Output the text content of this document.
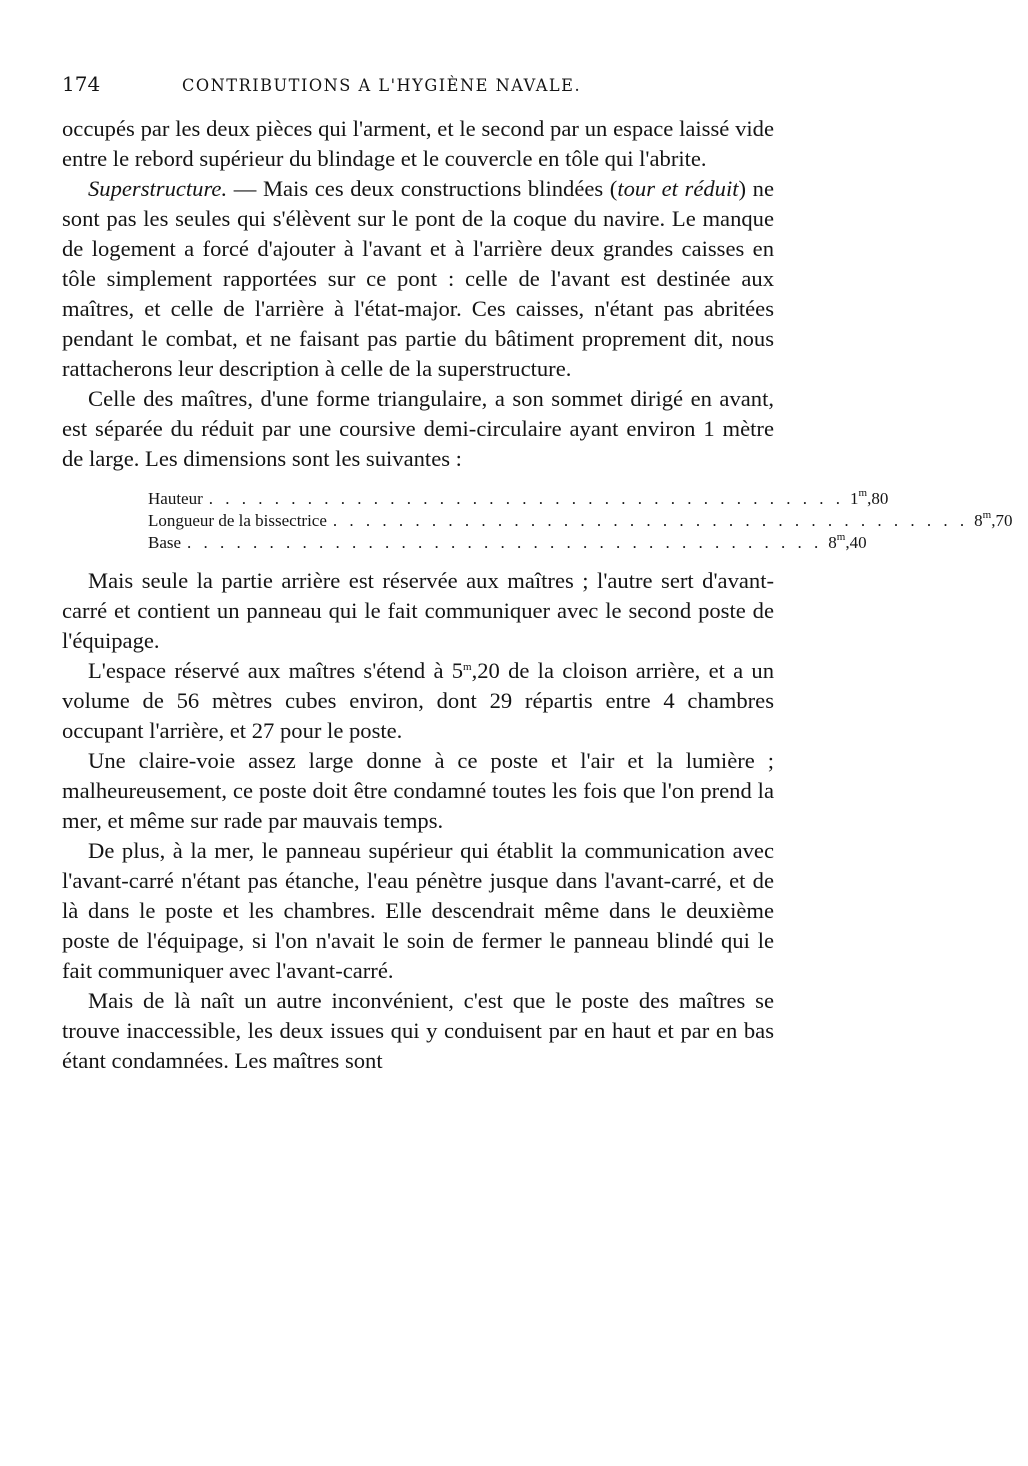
174	CONTRIBUTIONS A L'HYGIÈNE NAVALE.

occupés par les deux pièces qui l'arment, et le second par un espace laissé vide entre le rebord supérieur du blindage et le couvercle en tôle qui l'abrite.

Superstructure. — Mais ces deux constructions blindées (tour et réduit) ne sont pas les seules qui s'élèvent sur le pont de la coque du navire. Le manque de logement a forcé d'ajouter à l'avant et à l'arrière deux grandes caisses en tôle simplement rapportées sur ce pont : celle de l'avant est destinée aux maîtres, et celle de l'arrière à l'état-major. Ces caisses, n'étant pas abritées pendant le combat, et ne faisant pas partie du bâtiment proprement dit, nous rattacherons leur description à celle de la superstructure.

Celle des maîtres, d'une forme triangulaire, a son sommet dirigé en avant, est séparée du réduit par une coursive demi-circulaire ayant environ 1 mètre de large. Les dimensions sont les suivantes :

Hauteur . . . . . . . . . . . . . . . . . . . . . . . . . . . . . . . . . . . . . . . 1$^m$,80
Longueur de la bissectrice . . . . . . . . . . . . . . . . . . . . . . . . . . . . . . . . . . . . . . . 8$^m$,70
Base . . . . . . . . . . . . . . . . . . . . . . . . . . . . . . . . . . . . . . . 8$^m$,40

Mais seule la partie arrière est réservée aux maîtres ; l'autre sert d'avant-carré et contient un panneau qui le fait communiquer avec le second poste de l'équipage.

L'espace réservé aux maîtres s'étend à 5$^m$,20 de la cloison arrière, et a un volume de 56 mètres cubes environ, dont 29 répartis entre 4 chambres occupant l'arrière, et 27 pour le poste.

Une claire-voie assez large donne à ce poste et l'air et la lumière ; malheureusement, ce poste doit être condamné toutes les fois que l'on prend la mer, et même sur rade par mauvais temps.

De plus, à la mer, le panneau supérieur qui établit la communication avec l'avant-carré n'étant pas étanche, l'eau pénètre jusque dans l'avant-carré, et de là dans le poste et les chambres. Elle descendrait même dans le deuxième poste de l'équipage, si l'on n'avait le soin de fermer le panneau blindé qui le fait communiquer avec l'avant-carré.

Mais de là naît un autre inconvénient, c'est que le poste des maîtres se trouve inaccessible, les deux issues qui y conduisent par en haut et par en bas étant condamnées. Les maîtres sont
